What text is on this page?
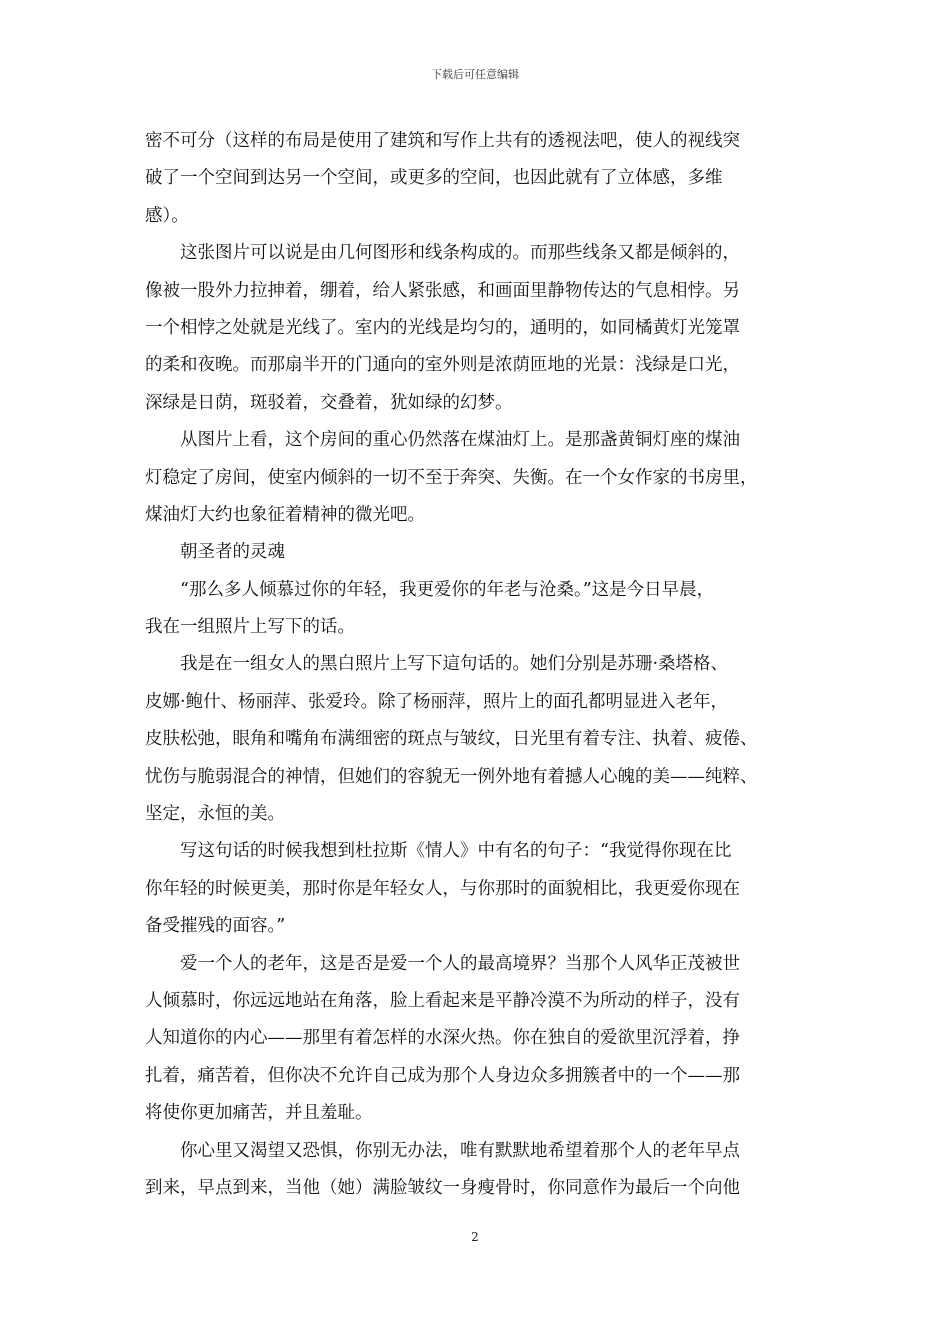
下载后可任意编辑
密不可分（这样的布局是使用了建筑和写作上共有的透视法吧，使人的视线突
破了一个空间到达另一个空间，或更多的空间，也因此就有了立体感，多维
感）。
这张图片可以说是由几何图形和线条构成的。而那些线条又都是倾斜的，
像被一股外力拉抻着，绷着，给人紧张感，和画面里静物传达的气息相悖。另
一个相悖之处就是光线了。室内的光线是均匀的，通明的，如同橘黄灯光笼罩
的柔和夜晚。而那扇半开的门通向的室外则是浓荫匝地的光景：浅绿是口光，
深绿是日荫，斑驳着，交叠着，犹如绿的幻梦。
从图片上看，这个房间的重心仍然落在煤油灯上。是那盏黄铜灯座的煤油
灯稳定了房间，使室内倾斜的一切不至于奔突、失衡。在一个女作家的书房里，
煤油灯大约也象征着精神的微光吧。
朝圣者的灵魂
“那么多人倾慕过你的年轻，我更爱你的年老与沧桑。”这是今日早晨，
我在一组照片上写下的话。
我是在一组女人的黑白照片上写下這句话的。她们分别是苏珊·桑塔格、
皮娜·鲍什、杨丽萍、张爱玲。除了杨丽萍，照片上的面孔都明显进入老年，
皮肤松弛，眼角和嘴角布满细密的斑点与皱纹，日光里有着专注、执着、疲倦、
忧伤与脆弱混合的神情，但她们的容貌无一例外地有着撼人心魄的美——纯粹、
坚定，永恒的美。
写这句话的时候我想到杜拉斯《情人》中有名的句子：“我觉得你现在比
你年轻的时候更美，那时你是年轻女人，与你那时的面貌相比，我更爱你现在
备受摧残的面容。”
爱一个人的老年，这是否是爱一个人的最高境界？当那个人风华正茂被世
人倾慕时，你远远地站在角落，脸上看起来是平静冷漠不为所动的样子，没有
人知道你的内心——那里有着怎样的水深火热。你在独自的爱欲里沉浮着，挣
扎着，痛苦着，但你决不允许自己成为那个人身边众多拥簇者中的一个——那
将使你更加痛苦，并且羞耻。
你心里又渴望又恐惧，你别无办法，唯有默默地希望着那个人的老年早点
到来，早点到来，当他（她）满脸皱纹一身瘦骨时，你同意作为最后一个向他
2
